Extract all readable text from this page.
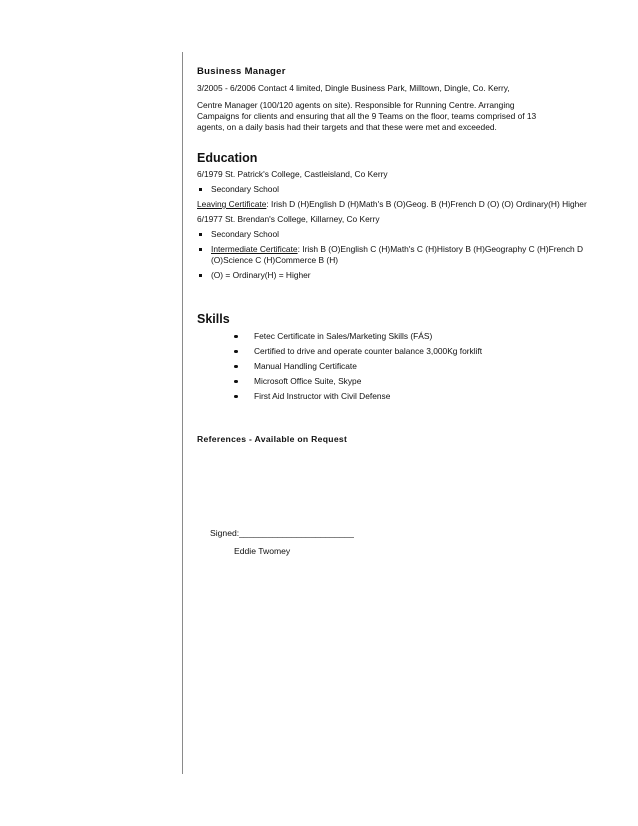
Business Manager

3/2005 - 6/2006 Contact 4 limited, Dingle Business Park, Milltown, Dingle, Co. Kerry,

Centre Manager (100/120 agents on site). Responsible for Running Centre. Arranging

Campaigns for clients and ensuring that all the 9 Teams on the floor, teams comprised of 13

agents, on a daily basis had their targets and that these were met and exceeded.

Education

6/1979 St. Patrick's College, Castleisland, Co Kerry

Secondary School

Leaving Certificate: Irish D (H)English D (H)Math's B (O)Geog. B (H)French D (O) (O) Ordinary(H) Higher

6/1977 St. Brendan's College, Killarney, Co Kerry

Secondary School
Intermediate Certificate: Irish B (O)English C (H)Math's C (H)History B (H)Geography C (H)French D (O)Science C (H)Commerce B (H)
(O) = Ordinary(H) = Higher
Skills
Fetec Certificate in Sales/Marketing Skills (FÁS)
Certified to drive and operate counter balance 3,000Kg forklift
Manual Handling Certificate
Microsoft Office Suite, Skype
First Aid Instructor with Civil Defense
References - Available on Request

Signed:________________________

Eddie Twomey
